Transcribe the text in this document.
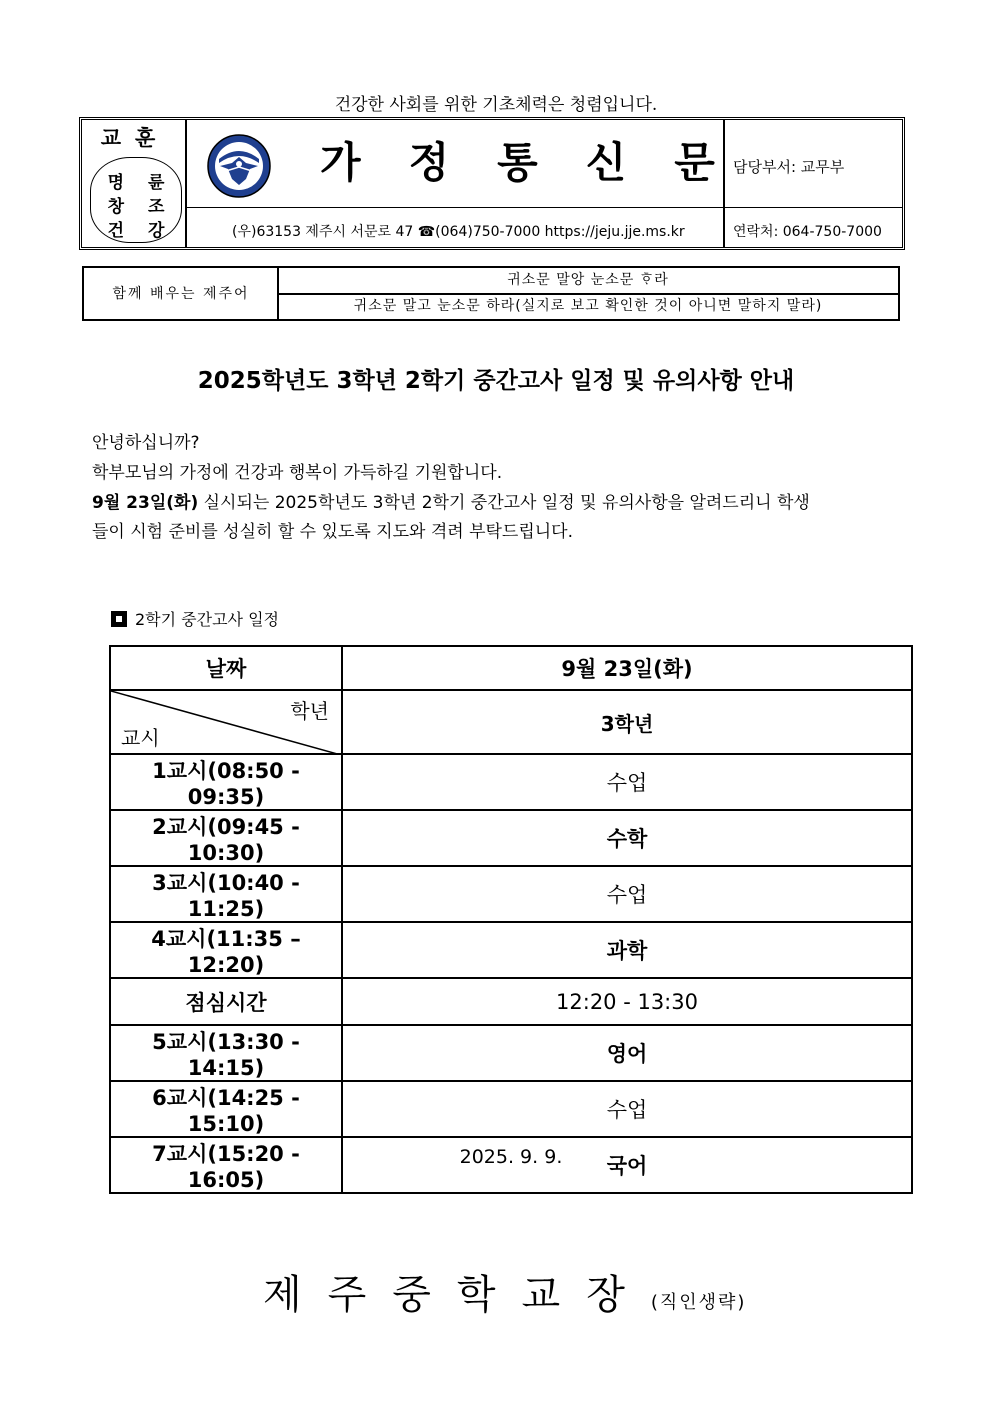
건강한 사회를 위한 기초체력은 청렴입니다.
교훈
명 륜
창 조
건 강
가정통신문
담당부서: 교무부
(우)63153 제주시 서문로 47 ☎(064)750-7000 https://jeju.jje.ms.kr	연락처: 064-750-7000
함께 배우는 제주어
귀소문 말앙 눈소문 ᄒᆞ라
귀소문 말고 눈소문 하라(실지로 보고 확인한 것이 아니면 말하지 말라)
2025학년도 3학년 2학기 중간고사 일정 및 유의사항 안내
안녕하십니까?
학부모님의 가정에 건강과 행복이 가득하길 기원합니다.
9월 23일(화) 실시되는 2025학년도 3학년 2학기 중간고사 일정 및 유의사항을 알려드리니 학생
들이 시험 준비를 성실히 할 수 있도록 지도와 격려 부탁드립니다.
2학기 중간고사 일정
날짜	9월 23일(화)

학년
교시	3학년
1교시(08:50 - 09:35)	수업
2교시(09:45 - 10:30)	수학
3교시(10:40 - 11:25)	수업
4교시(11:35 – 12:20)	과학
점심시간	12:20 - 13:30
5교시(13:30 - 14:15)	영어
6교시(14:25 - 15:10)	수업
7교시(15:20 - 16:05)	국어
2025. 9. 9.
제주중학교장(직인생략)
